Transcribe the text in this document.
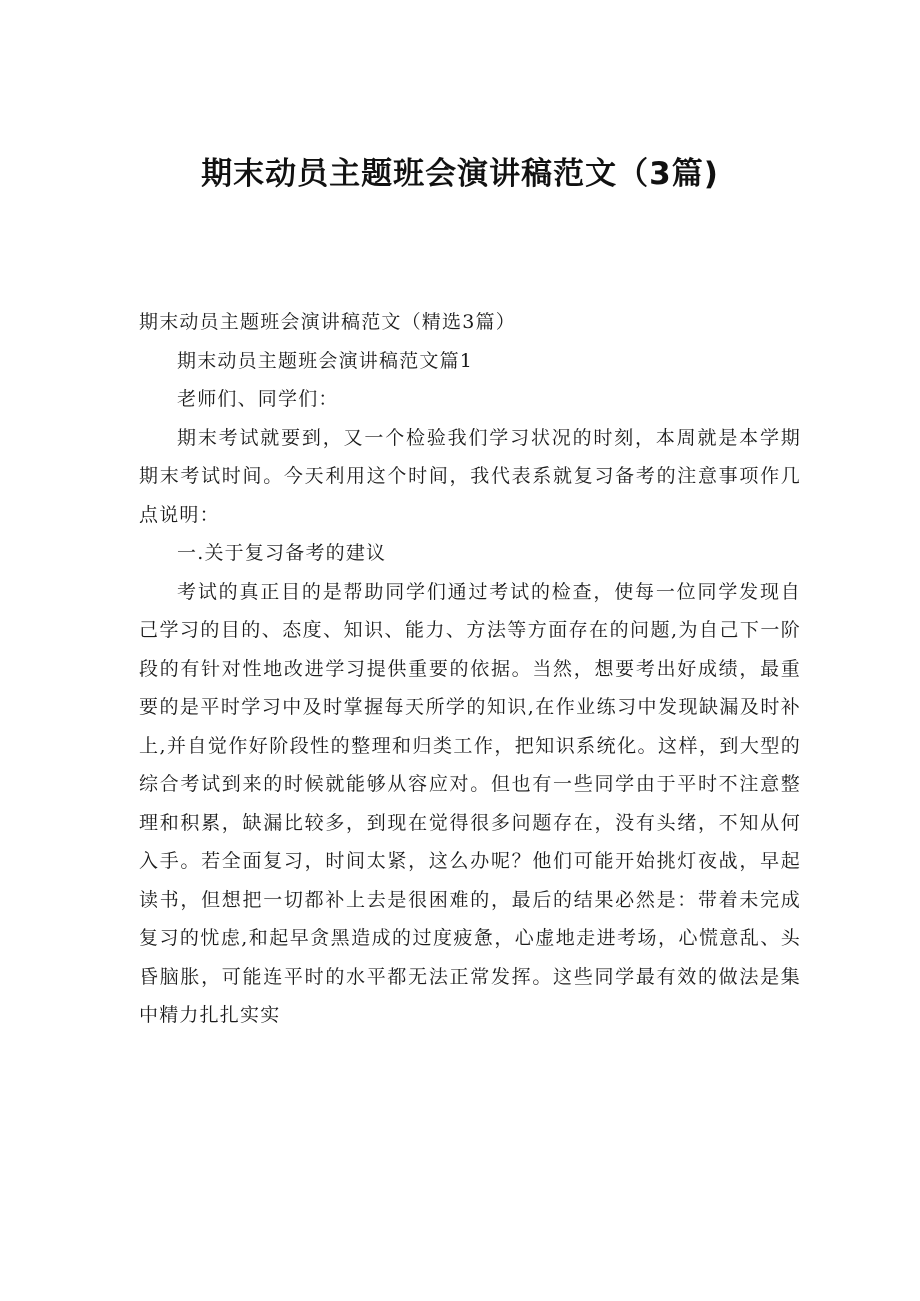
期末动员主题班会演讲稿范文（3篇)

期末动员主题班会演讲稿范文（精选3篇）

期末动员主题班会演讲稿范文篇1

老师们、同学们：

期末考试就要到，又一个检验我们学习状况的时刻，本周就是本学期期末考试时间。今天利用这个时间，我代表系就复习备考的注意事项作几点说明：

一.关于复习备考的建议

考试的真正目的是帮助同学们通过考试的检查，使每一位同学发现自己学习的目的、态度、知识、能力、方法等方面存在的问题,为自己下一阶段的有针对性地改进学习提供重要的依据。当然，想要考出好成绩，最重要的是平时学习中及时掌握每天所学的知识,在作业练习中发现缺漏及时补上,并自觉作好阶段性的整理和归类工作，把知识系统化。这样，到大型的综合考试到来的时候就能够从容应对。但也有一些同学由于平时不注意整理和积累，缺漏比较多，到现在觉得很多问题存在，没有头绪，不知从何入手。若全面复习，时间太紧，这么办呢？他们可能开始挑灯夜战，早起读书，但想把一切都补上去是很困难的，最后的结果必然是：带着未完成复习的忧虑,和起早贪黑造成的过度疲惫，心虚地走进考场，心慌意乱、头昏脑胀，可能连平时的水平都无法正常发挥。这些同学最有效的做法是集中精力扎扎实实
